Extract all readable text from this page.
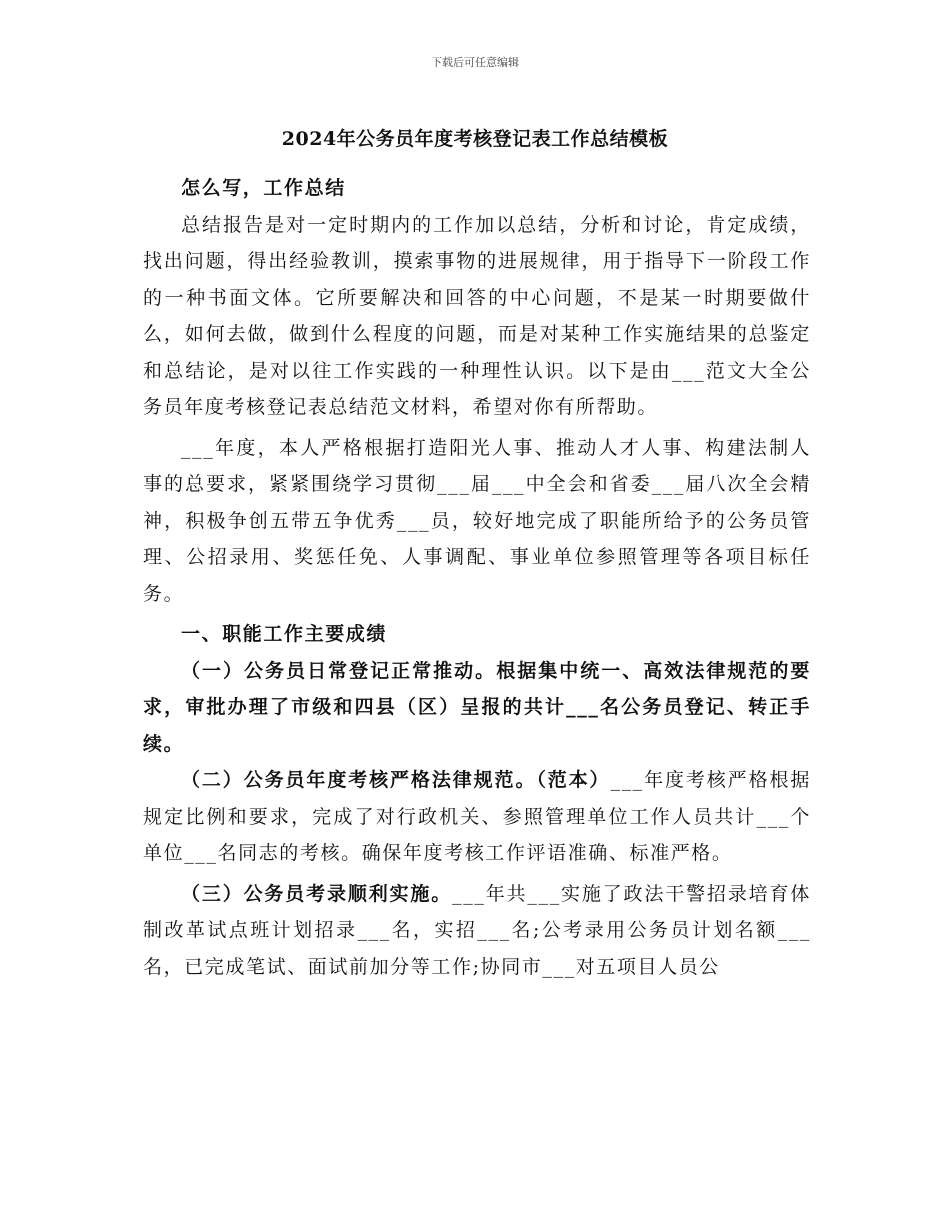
下载后可任意编辑
2024年公务员年度考核登记表工作总结模板

怎么写，工作总结

总结报告是对一定时期内的工作加以总结，分析和讨论，肯定成绩，找出问题，得出经验教训，摸索事物的进展规律，用于指导下一阶段工作的一种书面文体。它所要解决和回答的中心问题，不是某一时期要做什么，如何去做，做到什么程度的问题，而是对某种工作实施结果的总鉴定和总结论，是对以往工作实践的一种理性认识。以下是由___范文大全公务员年度考核登记表总结范文材料，希望对你有所帮助。

___年度，本人严格根据打造阳光人事、推动人才人事、构建法制人事的总要求，紧紧围绕学习贯彻___届___中全会和省委___届八次全会精神，积极争创五带五争优秀___员，较好地完成了职能所给予的公务员管理、公招录用、奖惩任免、人事调配、事业单位参照管理等各项目标任务。

一、职能工作主要成绩

（一）公务员日常登记正常推动。根据集中统一、高效法律规范的要求，审批办理了市级和四县（区）呈报的共计___名公务员登记、转正手续。

（二）公务员年度考核严格法律规范。（范本）___年度考核严格根据规定比例和要求，完成了对行政机关、参照管理单位工作人员共计___个单位___名同志的考核。确保年度考核工作评语准确、标准严格。

（三）公务员考录顺利实施。___年共___实施了政法干警招录培育体制改革试点班计划招录___名，实招___名;公考录用公务员计划名额___名，已完成笔试、面试前加分等工作;协同市___对五项目人员公
